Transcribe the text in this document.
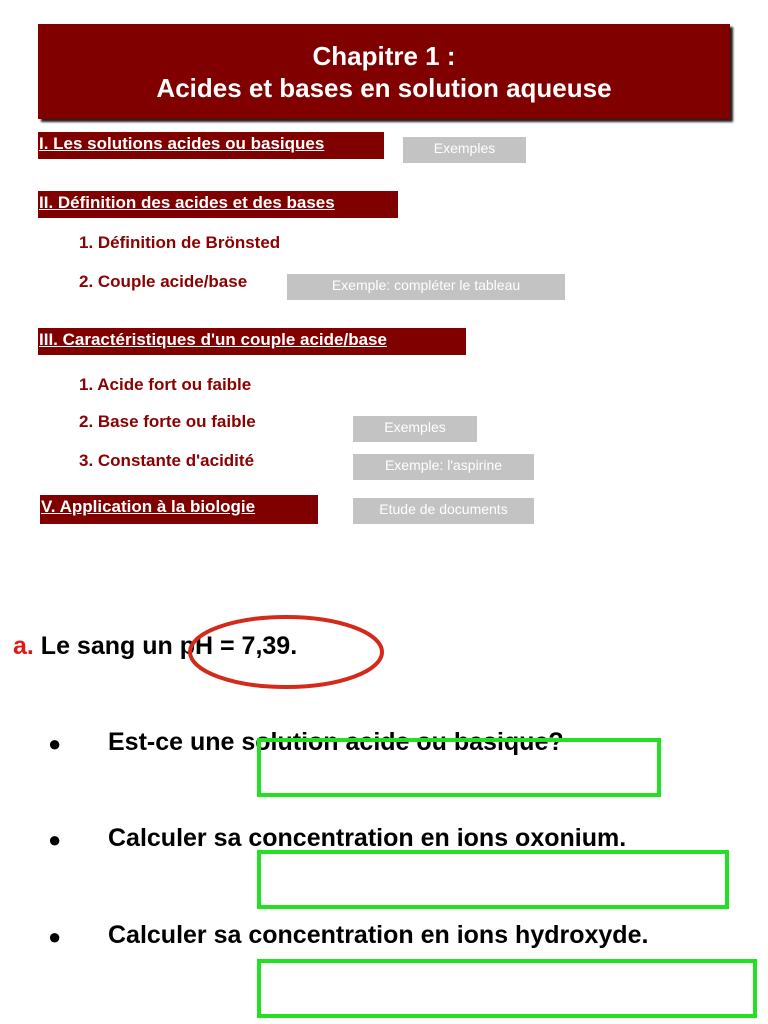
Chapitre 1 :
Acides et bases en solution aqueuse
I. Les solutions acides ou basiques	Exemples
II. Définition des acides et des bases
1. Définition de Brönsted
2. Couple acide/base	Exemple: compléter le tableau
III. Caractéristiques d'un couple acide/base
1. Acide fort ou faible
2. Base forte ou faible	Exemples
3. Constante d'acidité	Exemple: l'aspirine
V. Application à la biologie	Etude de documents
a. Le sang un pH = 7,39.
● Est-ce une solution acide ou basique?
● Calculer sa concentration en ions oxonium.
● Calculer sa concentration en ions hydroxyde.
